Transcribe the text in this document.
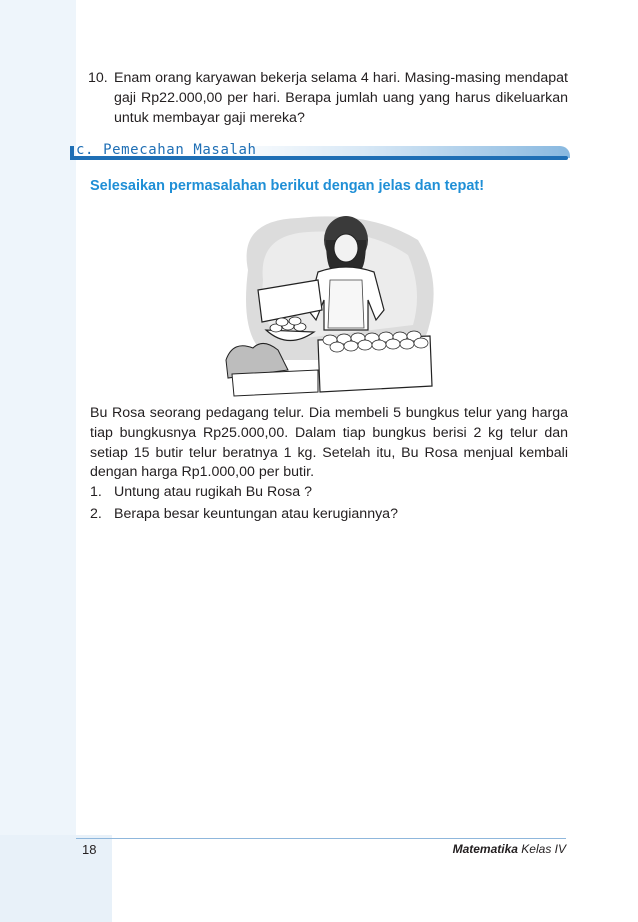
10. Enam orang karyawan bekerja selama 4 hari. Masing-masing mendapat gaji Rp22.000,00 per hari. Berapa jumlah uang yang harus dikeluarkan untuk membayar gaji mereka?
c. Pemecahan Masalah
Selesaikan permasalahan berikut dengan jelas dan tepat!
Bu Rosa seorang pedagang telur. Dia membeli 5 bungkus telur yang harga tiap bungkusnya Rp25.000,00. Dalam tiap bungkus berisi 2 kg telur dan setiap 15 butir telur beratnya 1 kg. Setelah itu, Bu Rosa menjual kembali dengan harga Rp1.000,00 per butir.
1. Untung atau rugikah Bu Rosa ?
2. Berapa besar keuntungan atau kerugiannya?
18	Matematika Kelas IV
